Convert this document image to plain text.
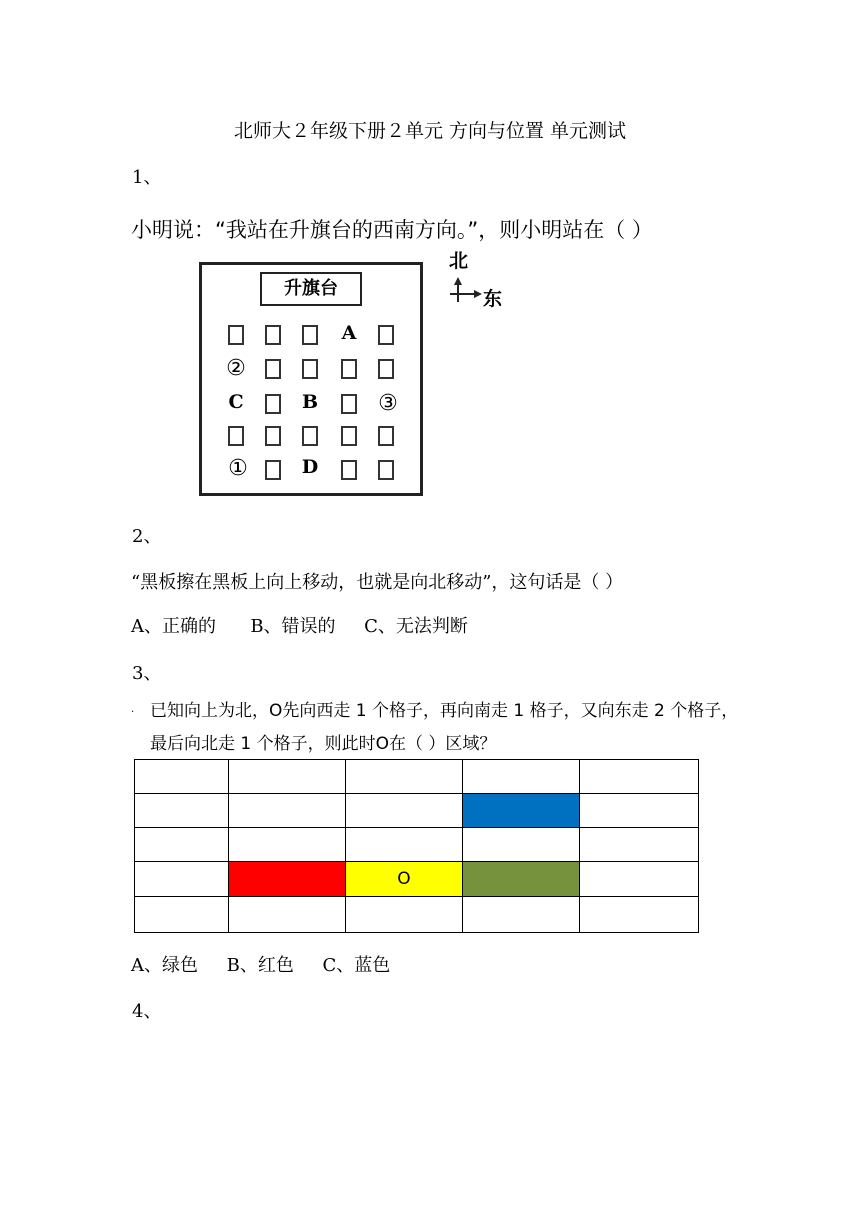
北师大２年级下册２单元 方向与位置 单元测试
1、
小明说：“我站在升旗台的西南方向。”，则小明站在（ ）
升旗台
A
②
C	B	③
①	D
北
东
2、
“黑板擦在黑板上向上移动，也就是向北移动”，这句话是（ ）
A、正确的      B、错误的     C、无法判断
3、
. 已知向上为北，O先向西走 1 个格子，再向南走 1 格子，又向东走 2 个格子，
最后向北走 1 个格子，则此时O在（ ）区域？
O
A、绿色     B、红色     C、蓝色
4、
